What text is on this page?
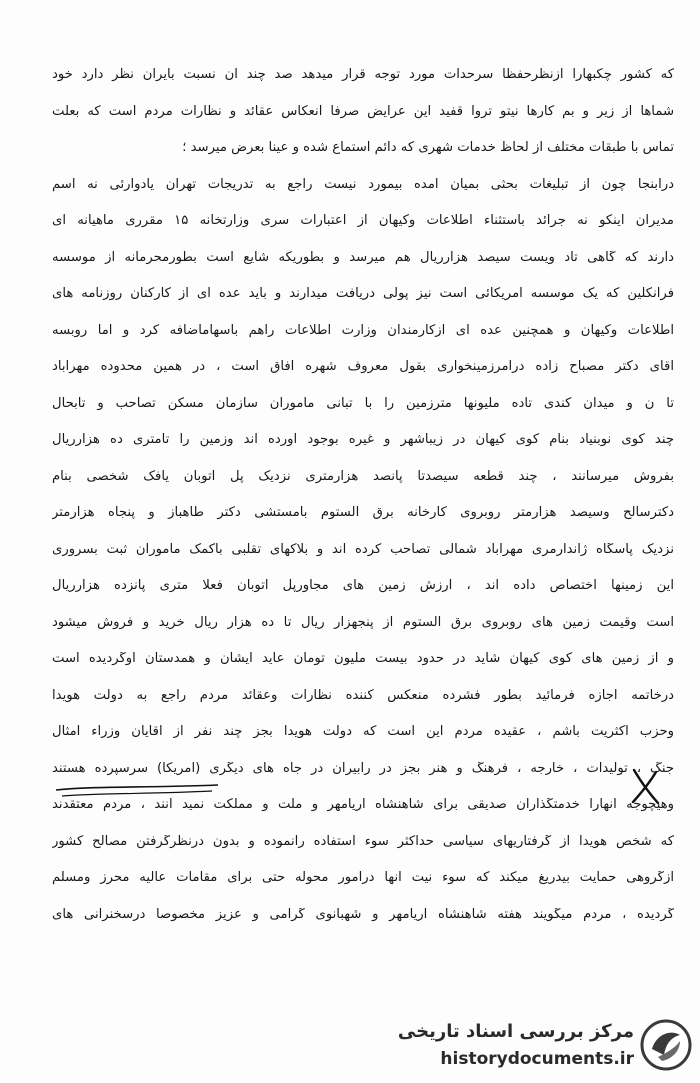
که کشور چکبهارا ازنظرحفظا سرحدات مورد توجه قرار میدهد صد چند ان نسبت بایران نظر دارد خود
شماها از زیر و بم کارها نیتو تروا قفید این عرایض صرفا انعکاس عقائد و نظارات مردم است که بعلت
تماس با طبقات مختلف از لحاظ خدمات شهری که دائم استماع شده و عینا بعرض میرسد ؛
درابنجا چون از تبلیغات بحثی بمیان آمده بیمورد نیست راجع به تدریجات تهران یادوارئی نه اسم
مدیران اینکو نه جرائد باستثناء اطلاعات وکیهان از اعتبارات سری وزارتخانه ۱۵ مقرری ماهیانه ای
دارند که گاهی تاد ویست سیصد هزارریال هم میرسد و بطوریکه شایع است بطورمحرمانه از موسسه
فرانکلین که یک موسسه امریکائی است نیز پولی دریافت میدارند و باید عده ای از کارکنان روزنامه های
اطلاعات وکیهان و همچنین عده ای ازکارمندان وزارت اطلاعات راهم باسهاماضافه کرد و اما روبسه
اقای دکتر مصباح زاده درامرزمینخواری بقول معروف شهره آفاق است ، در همین محدوده مهرآباد
تا ن و میدان کندی تاده ملیونها مترزمین را با تبانی ماموران سازمان مسکن تصاحب و تابحال
چند کوی نوبنیاد بنام کوی کیهان در زیباشهر و غیره بوجود آورده اند وزمین را تامتری ده هزارریال
بفروش میرسانند ، چند قطعه سیصدتا پانصد هزارمتری نزدیک پل اتوبان یافک شخصی بنام
دکترسالح وسیصد هزارمتر روبروی کارخانه برق آلستوم بامستشی دکتر طاهباز و پنجاه هزارمتر
نزدیک پاسگاه ژاندارمری مهرآباد شمالی تصاحب کرده اند و بلاکهای تقلبی باکمک ماموران ثبت بسروری
این زمینها اختصاص داده اند ، ارزش زمین های مجاورپل اتوبان فعلا متری پانزده هزارریال
است وقیمت زمین های روبروی برق آلستوم از پنجهزار ریال تا ده هزار ریال خرید و فروش میشود
و از زمین های کوی کیهان شاید در حدود بیست ملیون تومان عاید ایشان و همدستان اوگردیده است
درخاتمه اجازه فرمائید بطور فشرده منعکس کننده نظارات وعقائد مردم راجع به دولت هویدا
وحزب اکثریت باشم ، عقیده مردم این است که دولت هویدا بجز چند نفر از آقایان وزراء امثال
جنگ ، تولیدات ، خارجه ، فرهنگ و هنر بجز در رابیران در جاه های دیگری (امریکا) سرسپرده هستند
وهیچوجه انهارا خدمتگذاران صدیقی برای شاهنشاه آریامهر و ملت و مملکت نمید انند ، مردم معتقدند
که شخص هویدا از گرفتاریهای سیاسی حداکثر سوء استفاده رانموده و بدون درنظرگرفتن مصالح کشور
ازگروهی حمایت بیدریغ میکند که سوء نیت انها درامور محوله حتی برای مقامات عالیه محرز ومسلم
گردیده ، مردم میگویند هفته شاهنشاه آریامهر و شهبانوی گرامی و عزیز مخصوصا درسخنرانی های
مرکز بررسی اسناد تاریخی
historydocuments.ir
